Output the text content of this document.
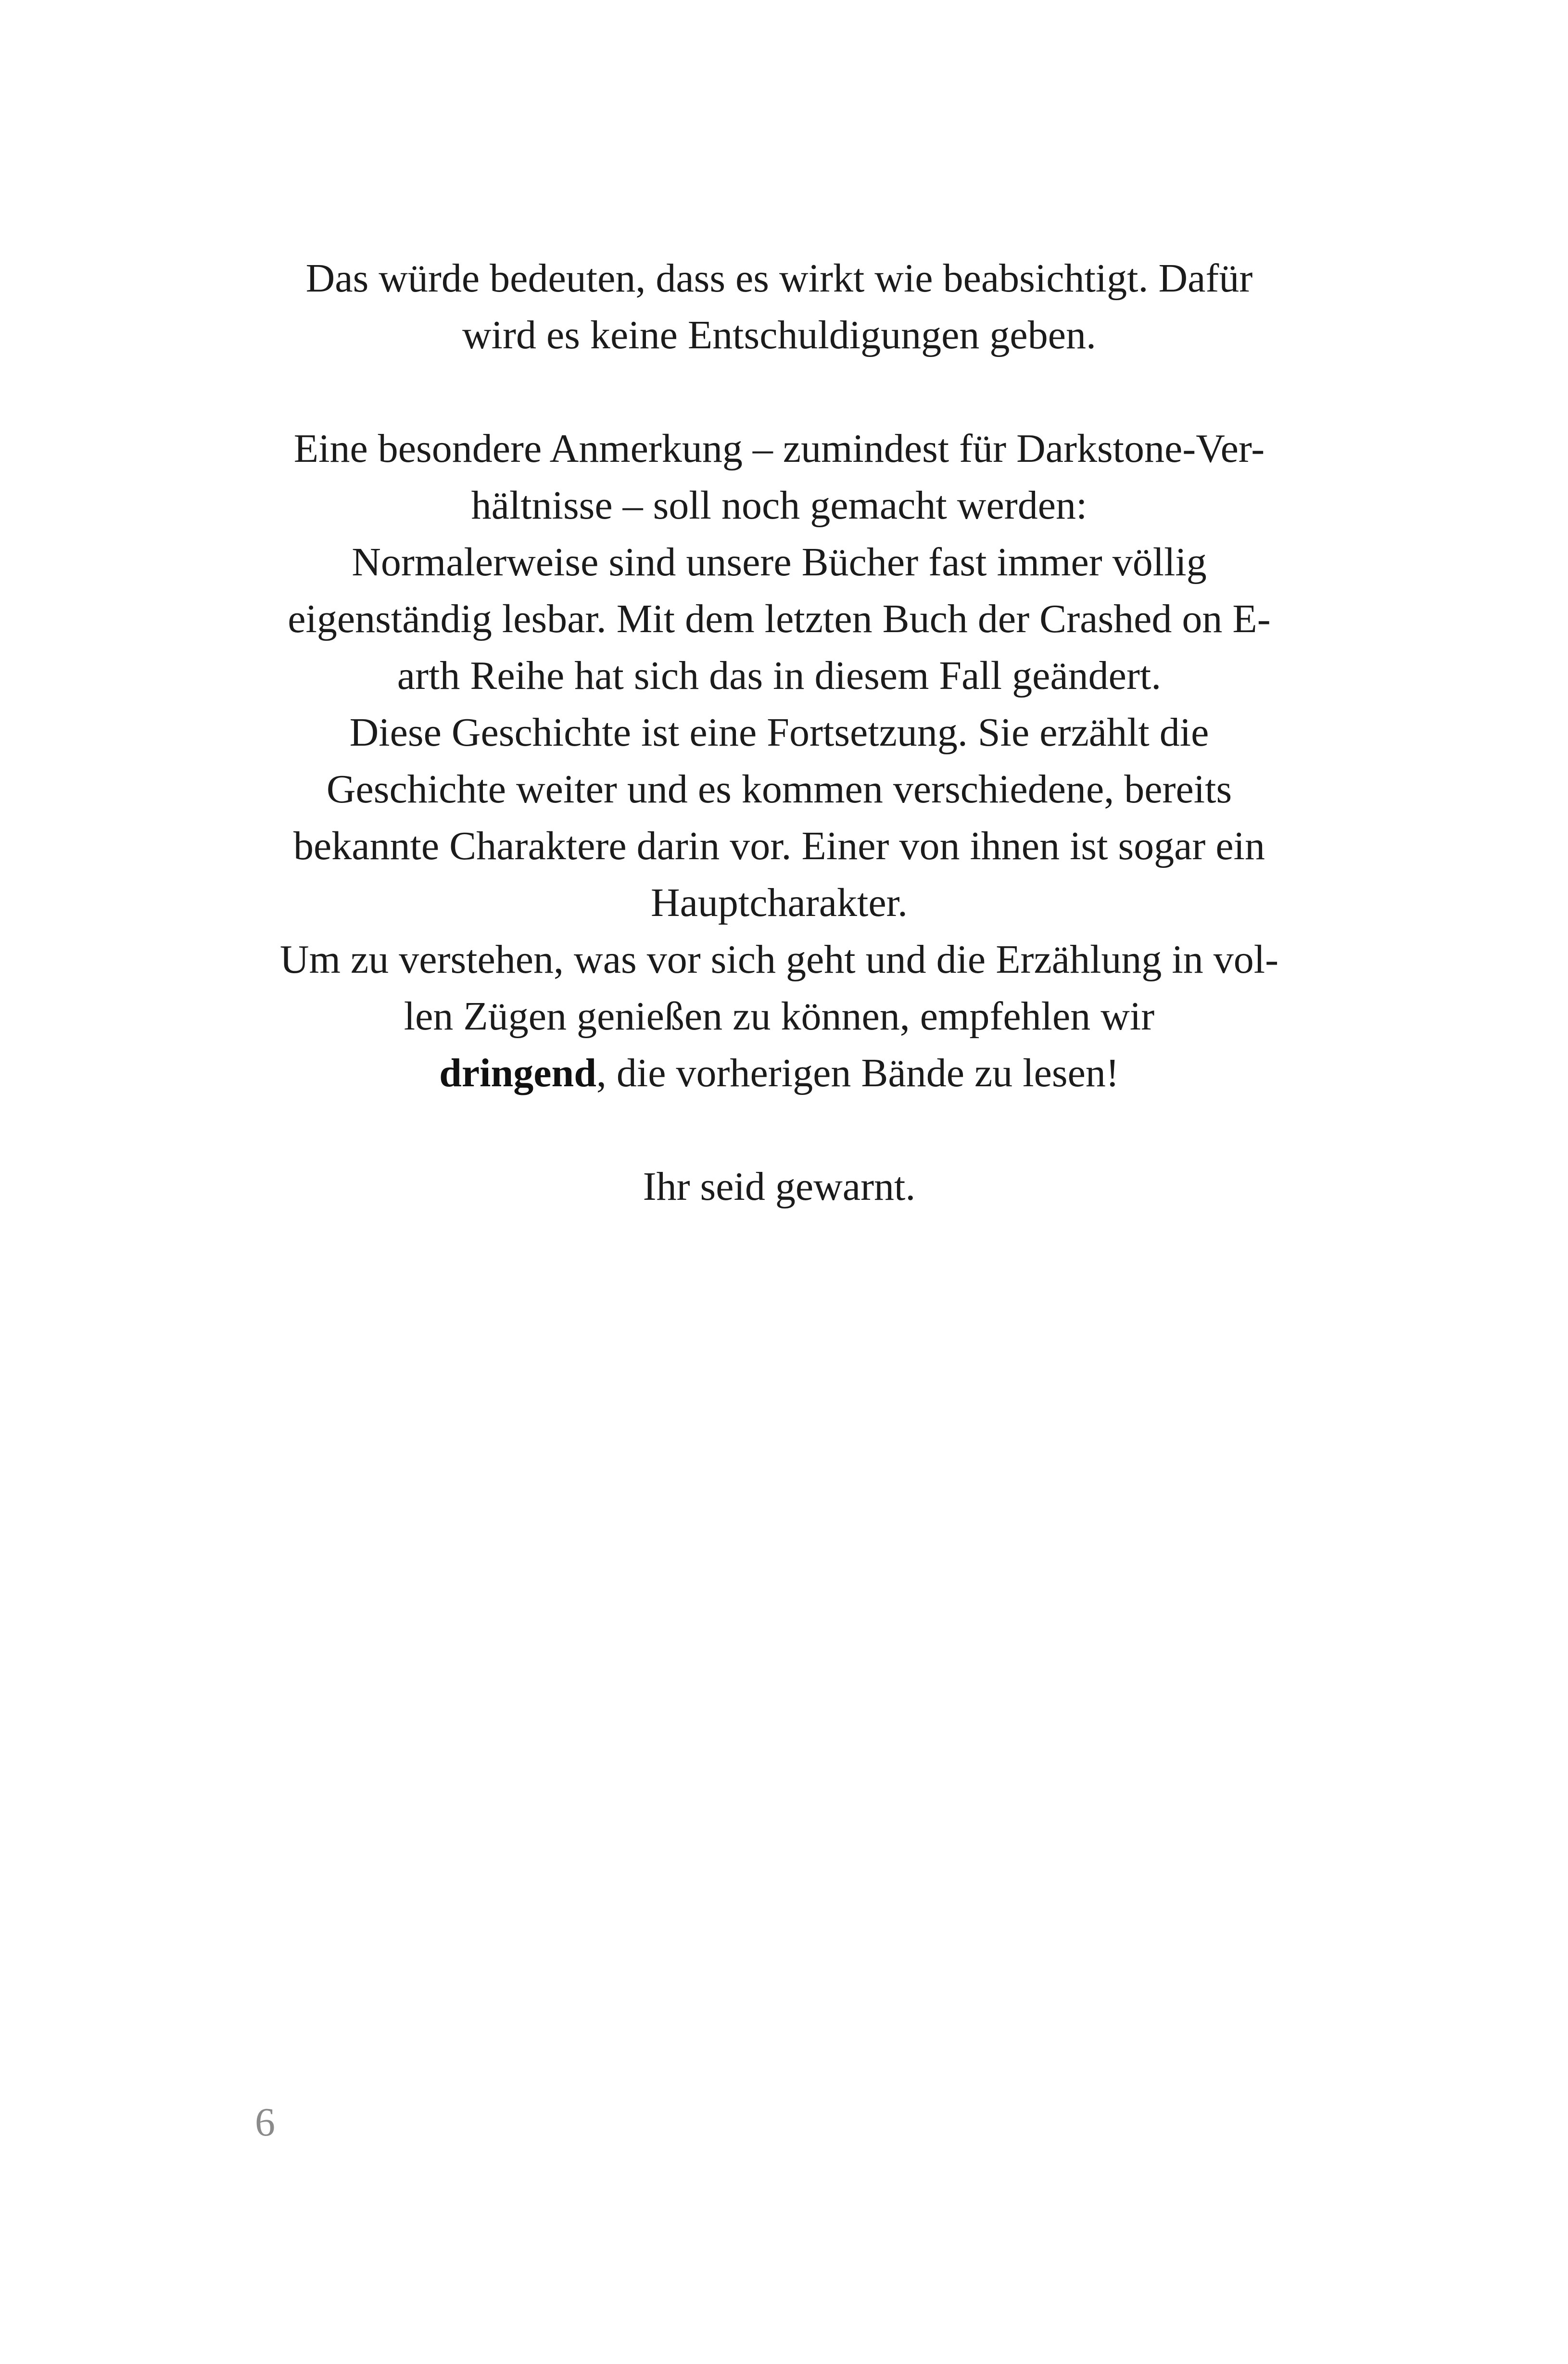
Das würde bedeuten, dass es wirkt wie beabsichtigt. Dafür
wird es keine Entschuldigungen geben.
Eine besondere Anmerkung – zumindest für Darkstone-Ver-
hältnisse – soll noch gemacht werden:
Normalerweise sind unsere Bücher fast immer völlig
eigenständig lesbar. Mit dem letzten Buch der Crashed on E-
arth Reihe hat sich das in diesem Fall geändert.
Diese Geschichte ist eine Fortsetzung. Sie erzählt die
Geschichte weiter und es kommen verschiedene, bereits
bekannte Charaktere darin vor. Einer von ihnen ist sogar ein
Hauptcharakter.
Um zu verstehen, was vor sich geht und die Erzählung in vol-
len Zügen genießen zu können, empfehlen wir
dringend, die vorherigen Bände zu lesen!
Ihr seid gewarnt.
6
